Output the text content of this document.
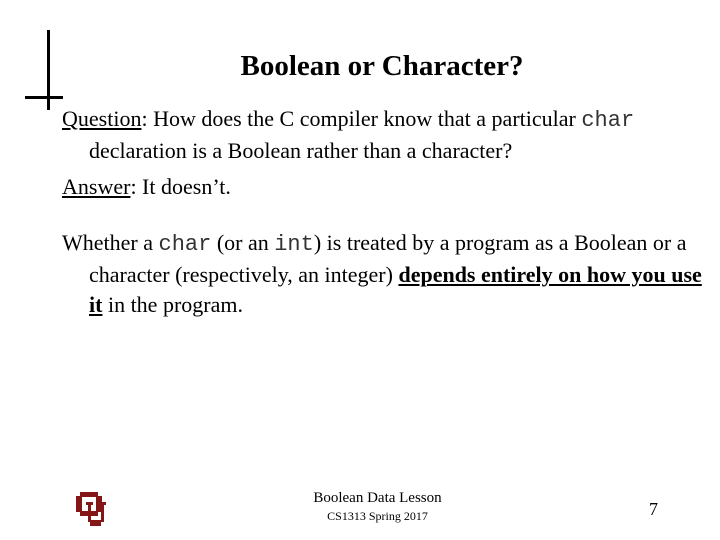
Boolean or Character?

Question: How does the C compiler know that a particular char declaration is a Boolean rather than a character?

Answer: It doesn’t.

Whether a char (or an int) is treated by a program as a Boolean or a character (respectively, an integer) depends entirely on how you use it in the program.

Boolean Data Lesson
CS1313 Spring 2017	7
